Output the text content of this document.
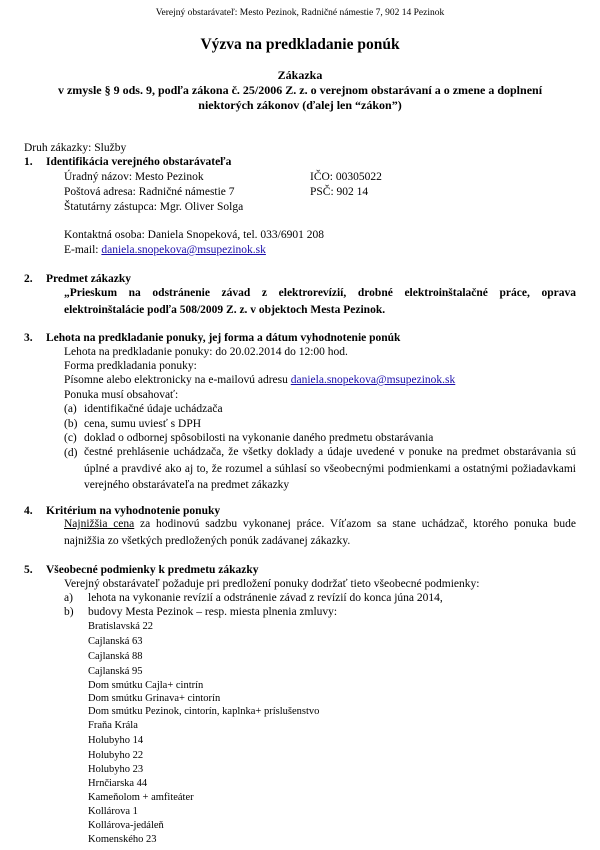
Verejný obstarávateľ: Mesto Pezinok, Radničné námestie 7, 902 14 Pezinok
Výzva na predkladanie ponúk
Zákazka
v zmysle § 9 ods. 9, podľa zákona č. 25/2006 Z. z. o verejnom obstarávaní a o zmene a doplnení niektorých zákonov (ďalej len “zákon”)
Druh zákazky: Služby
1. Identifikácia verejného obstarávateľa
Úradný názov: Mesto Pezinok	IČO: 00305022
Poštová adresa: Radničné námestie 7	PSČ: 902 14
Štatutárny zástupca: Mgr. Oliver Solga
Kontaktná osoba: Daniela Snopeková, tel. 033/6901 208
E-mail: daniela.snopekova@msupezinok.sk
2. Predmet zákazky
„Prieskum na odstránenie závad z elektrorevízií, drobné elektroinštalačné práce, oprava elektroinštalácie podľa 508/2009 Z. z. v objektoch Mesta Pezinok.
3. Lehota na predkladanie ponuky, jej forma a dátum vyhodnotenie ponúk
Lehota na predkladanie ponuky: do 20.02.2014 do 12:00 hod.
Forma predkladania ponuky:
Písomne alebo elektronicky na e-mailovú adresu daniela.snopekova@msupezinok.sk
Ponuka musí obsahovať:
(a) identifikačné údaje uchádzača
(b) cena, sumu uviesť s DPH
(c) doklad o odbornej spôsobilosti na vykonanie daného predmetu obstarávania
(d) čestné prehlásenie uchádzača, že všetky doklady a údaje uvedené v ponuke na predmet obstarávania sú úplné a pravdivé ako aj to, že rozumel a súhlasí so všeobecnými podmienkami a ostatnými požiadavkami verejného obstarávateľa na predmet zákazky
4. Kritérium na vyhodnotenie ponuky
Najnižšia cena za hodinovú sadzbu vykonanej práce. Víťazom sa stane uchádzač, ktorého ponuka bude najnižšia zo všetkých predložených ponúk zadávanej zákazky.
5. Všeobecné podmienky k predmetu zákazky
Verejný obstarávateľ požaduje pri predložení ponuky dodržať tieto všeobecné podmienky:
a) lehota na vykonanie revízií a odstránenie závad z revízií do konca júna 2014,
b) budovy Mesta Pezinok – resp. miesta plnenia zmluvy:
Bratislavská 22
Cajlanská 63
Cajlanská 88
Cajlanská 95
Dom smútku Cajla+ cintrín
Dom smútku Grinava+ cintorín
Dom smútku Pezinok, cintorín, kaplnka+ príslušenstvo
Fraňa Krála
Holubyho 14
Holubyho 22
Holubyho 23
Hrnčiarska 44
Kameňolom + amfiteáter
Kollárova 1
Kollárova-jedáleň
Komenského 23
